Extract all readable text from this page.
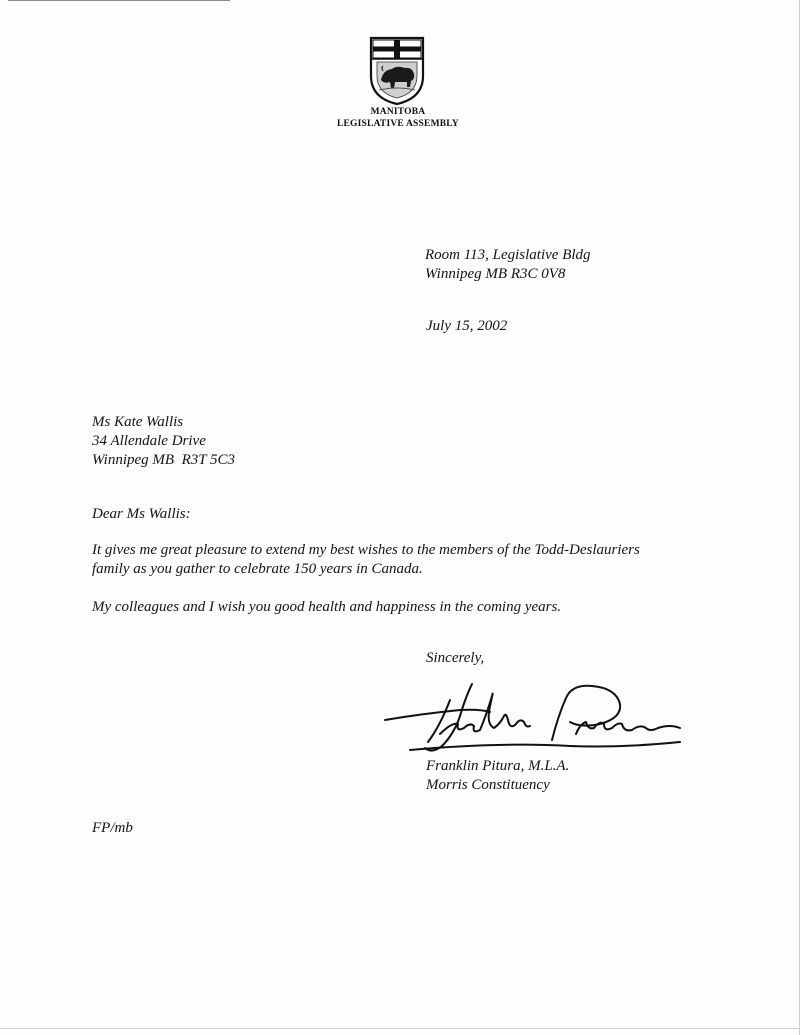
MANITOBA
LEGISLATIVE ASSEMBLY
Room 113, Legislative Bldg
Winnipeg MB R3C 0V8
July 15, 2002
Ms Kate Wallis
34 Allendale Drive
Winnipeg MB  R3T 5C3
Dear Ms Wallis:
It gives me great pleasure to extend my best wishes to the members of the Todd-Deslauriers
family as you gather to celebrate 150 years in Canada.
My colleagues and I wish you good health and happiness in the coming years.
Sincerely,
Franklin Pitura, M.L.A.
Morris Constituency
FP/mb
